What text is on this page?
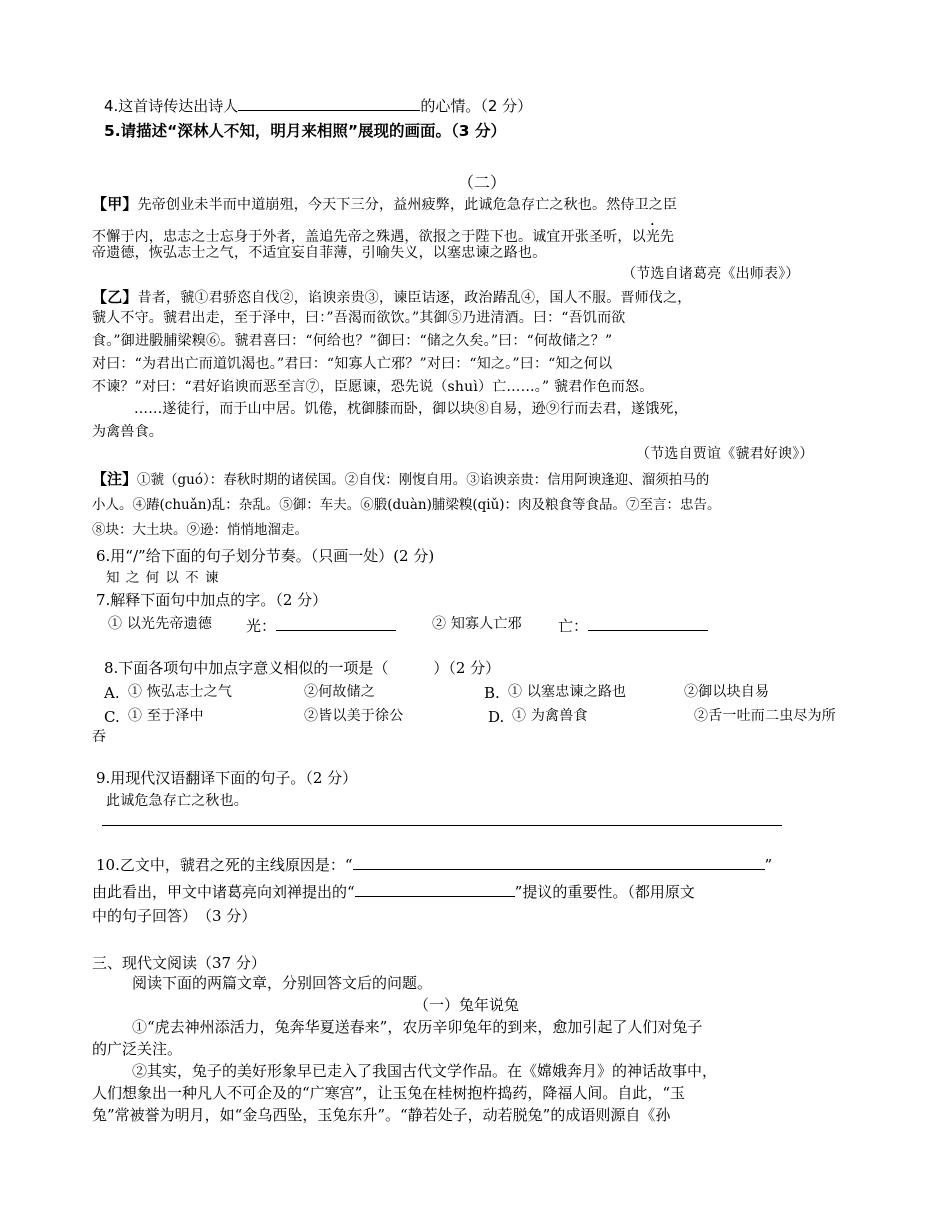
4.这首诗传达出诗人	的心情。（2 分）
5.请描述“深林人不知，明月来相照”展现的画面。（3 分）
（二）
【甲】先帝创业未半而中道崩殂，今天下三分，益州疲弊，此诚危急存亡之秋也。然侍卫之臣
不懈于内，忠志之士忘身于外者，盖追先帝之殊遇，欲报之于陛下也。诚宜开张圣听，以光先
帝遗德，恢弘志士之气，不适宜妄自菲薄，引喻失义，以塞忠谏之路也。
（节选自诸葛亮《出师表》）
【乙】昔者，虢①君骄恣自伐②，谄谀亲贵③，谏臣诘逐，政治踳乱④，国人不服。晋师伐之，
虢人不守。虢君出走，至于泽中，曰：”吾渴而欲饮。”其御⑤乃进清酒。曰：“吾饥而欲
食。”御进腶脯梁糗⑥。虢君喜曰：“何给也？”御曰：“储之久矣。”曰：“何故储之？”
对曰：“为君出亡而道饥渴也。”君曰：“知寡人亡邪？”对曰：“知之。”曰：“知之何以
不谏？”对曰：“君好谄谀而恶至言⑦，臣愿谏，恐先说（shuì）亡……。” 虢君作色而怒。
……遂徒行，而于山中居。饥倦，枕御膝而卧，御以块⑧自易，逊⑨行而去君，遂饿死，
为禽兽食。
（节选自贾谊《虢君好谀》）
【注】①虢（guó）：春秋时期的诸侯国。②自伐：刚愎自用。③谄谀亲贵：信用阿谀逢迎、溜须拍马的
小人。④踳(chuǎn)乱：杂乱。⑤御：车夫。⑥腶(duàn)脯梁糗(qiǔ)：肉及粮食等食品。⑦至言：忠告。
⑧块：大土块。⑨逊：悄悄地溜走。
6.用“/”给下面的句子划分节奏。（只画一处）(2 分)
知 之 何 以 不 谏
7.解释下面句中加点的字。（2 分）
① 以光先帝遗德 光：	② 知寡人亡邪 亡：
8.下面各项句中加点字意义相似的一项是（　　　）（2 分）
A. ① 恢弘志士之气	②何故储之	B. ① 以塞忠谏之路也	②御以块自易
C. ① 至于泽中	②皆以美于徐公	D. ① 为禽兽食	②舌一吐而二虫尽为所
吞
9.用现代汉语翻译下面的句子。（2 分）
此诚危急存亡之秋也。
10.乙文中，虢君之死的主线原因是：“	”
由此看出，甲文中诸葛亮向刘禅提出的“	”提议的重要性。（都用原文
中的句子回答）　（3 分）
三、现代文阅读（37 分）
阅读下面的两篇文章，分别回答文后的问题。
（一）兔年说兔
①“虎去神州添活力，兔奔华夏送春来”，农历辛卯兔年的到来，愈加引起了人们对兔子
的广泛关注。
②其实，兔子的美好形象早已走入了我国古代文学作品。在《嫦娥奔月》的神话故事中，
人们想象出一种凡人不可企及的“广寒宫”，让玉兔在桂树抱杵捣药，降福人间。自此，“玉
兔”常被誉为明月，如“金乌西坠，玉兔东升”。“静若处子，动若脱兔”的成语则源自《孙
